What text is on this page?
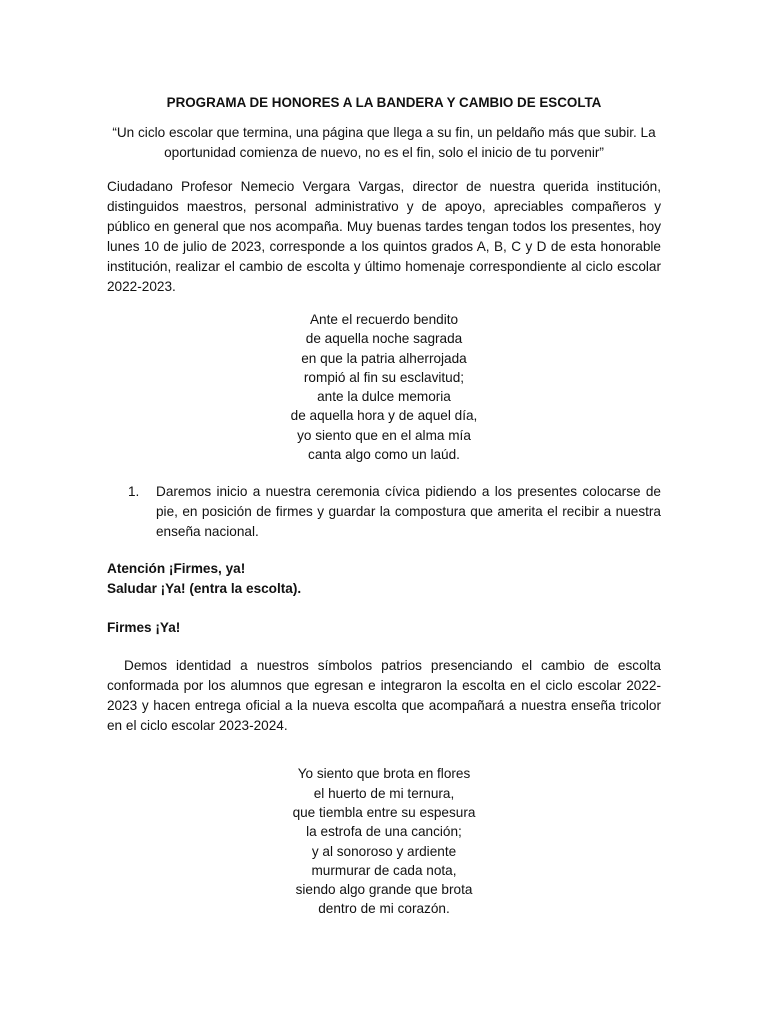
PROGRAMA DE HONORES A LA BANDERA Y CAMBIO DE ESCOLTA

“Un ciclo escolar que termina, una página que llega a su fin, un peldaño más que subir. La
oportunidad comienza de nuevo, no es el fin, solo el inicio de tu porvenir”

Ciudadano Profesor Nemecio Vergara Vargas, director de nuestra querida institución, distinguidos maestros, personal administrativo y de apoyo, apreciables compañeros y público en general que nos acompaña. Muy buenas tardes tengan todos los presentes, hoy lunes 10 de julio de 2023, corresponde a los quintos grados A, B, C y D de esta honorable institución, realizar el cambio de escolta y último homenaje correspondiente al ciclo escolar 2022-2023.

Ante el recuerdo bendito
de aquella noche sagrada
en que la patria alherrojada
rompió al fin su esclavitud;
ante la dulce memoria
de aquella hora y de aquel día,
yo siento que en el alma mía
canta algo como un laúd.
1.	Daremos inicio a nuestra ceremonia cívica pidiendo a los presentes colocarse de pie, en posición de firmes y guardar la compostura que amerita el recibir a nuestra enseña nacional.

Atención ¡Firmes, ya!

Saludar ¡Ya! (entra la escolta).

Firmes ¡Ya!

Demos identidad a nuestros símbolos patrios presenciando el cambio de escolta conformada por los alumnos que egresan e integraron la escolta en el ciclo escolar 2022-2023 y hacen entrega oficial a la nueva escolta que acompañará a nuestra enseña tricolor en el ciclo escolar 2023-2024.

Yo siento que brota en flores
el huerto de mi ternura,
que tiembla entre su espesura
la estrofa de una canción;
y al sonoroso y ardiente
murmurar de cada nota,
siendo algo grande que brota
dentro de mi corazón.
